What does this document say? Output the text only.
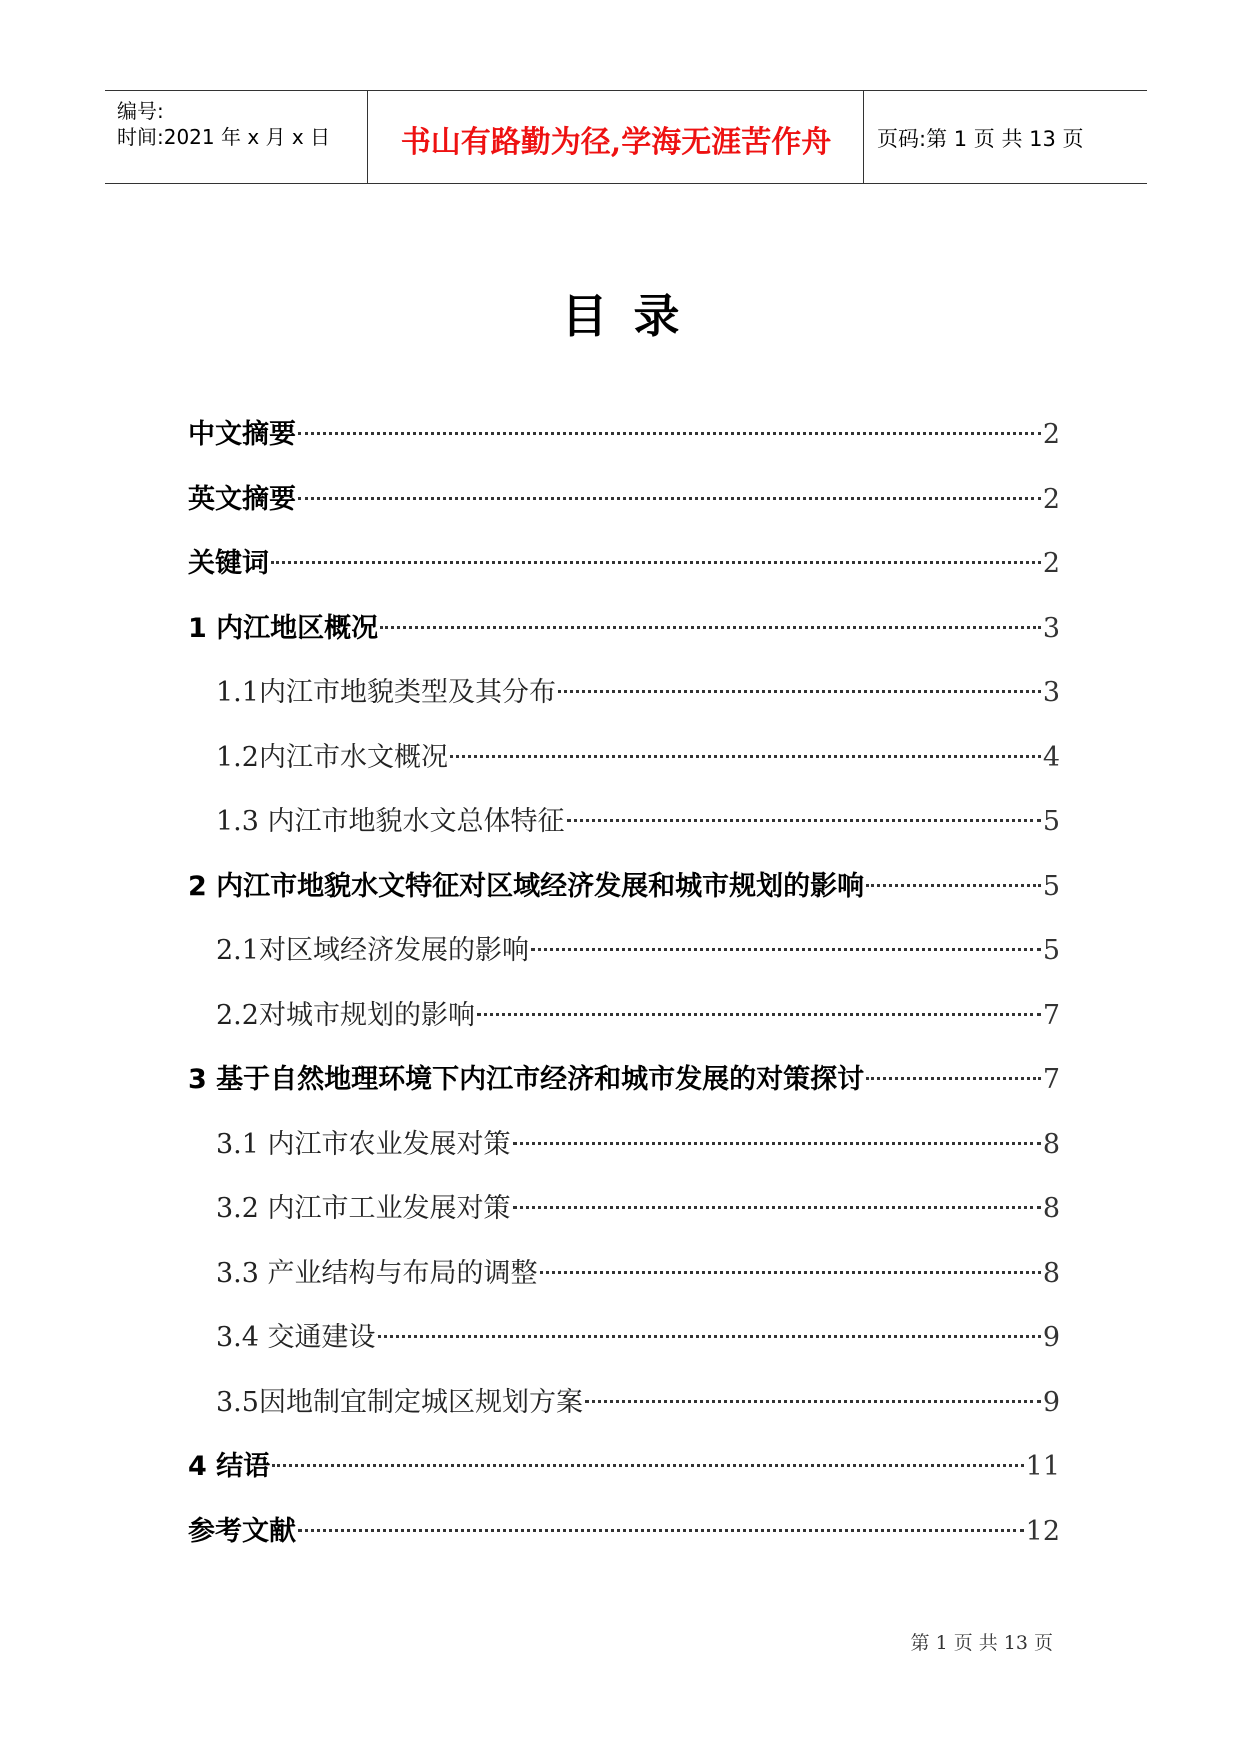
编号:
时间:2021 年 x 月 x 日	书山有路勤为径,学海无涯苦作舟	页码:第 1 页 共 13 页
目录
中文摘要	2
英文摘要	2
关键词	2
1 内江地区概况	3
1.1内江市地貌类型及其分布	3
1.2内江市水文概况	4
1.3 内江市地貌水文总体特征	5
2 内江市地貌水文特征对区域经济发展和城市规划的影响	5
2.1对区域经济发展的影响	5
2.2对城市规划的影响	7
3 基于自然地理环境下内江市经济和城市发展的对策探讨	7
3.1 内江市农业发展对策	8
3.2 内江市工业发展对策	8
3.3 产业结构与布局的调整	8
3.4 交通建设	9
3.5因地制宜制定城区规划方案	9
4 结语	11
参考文献	12
第 1 页 共 13 页
